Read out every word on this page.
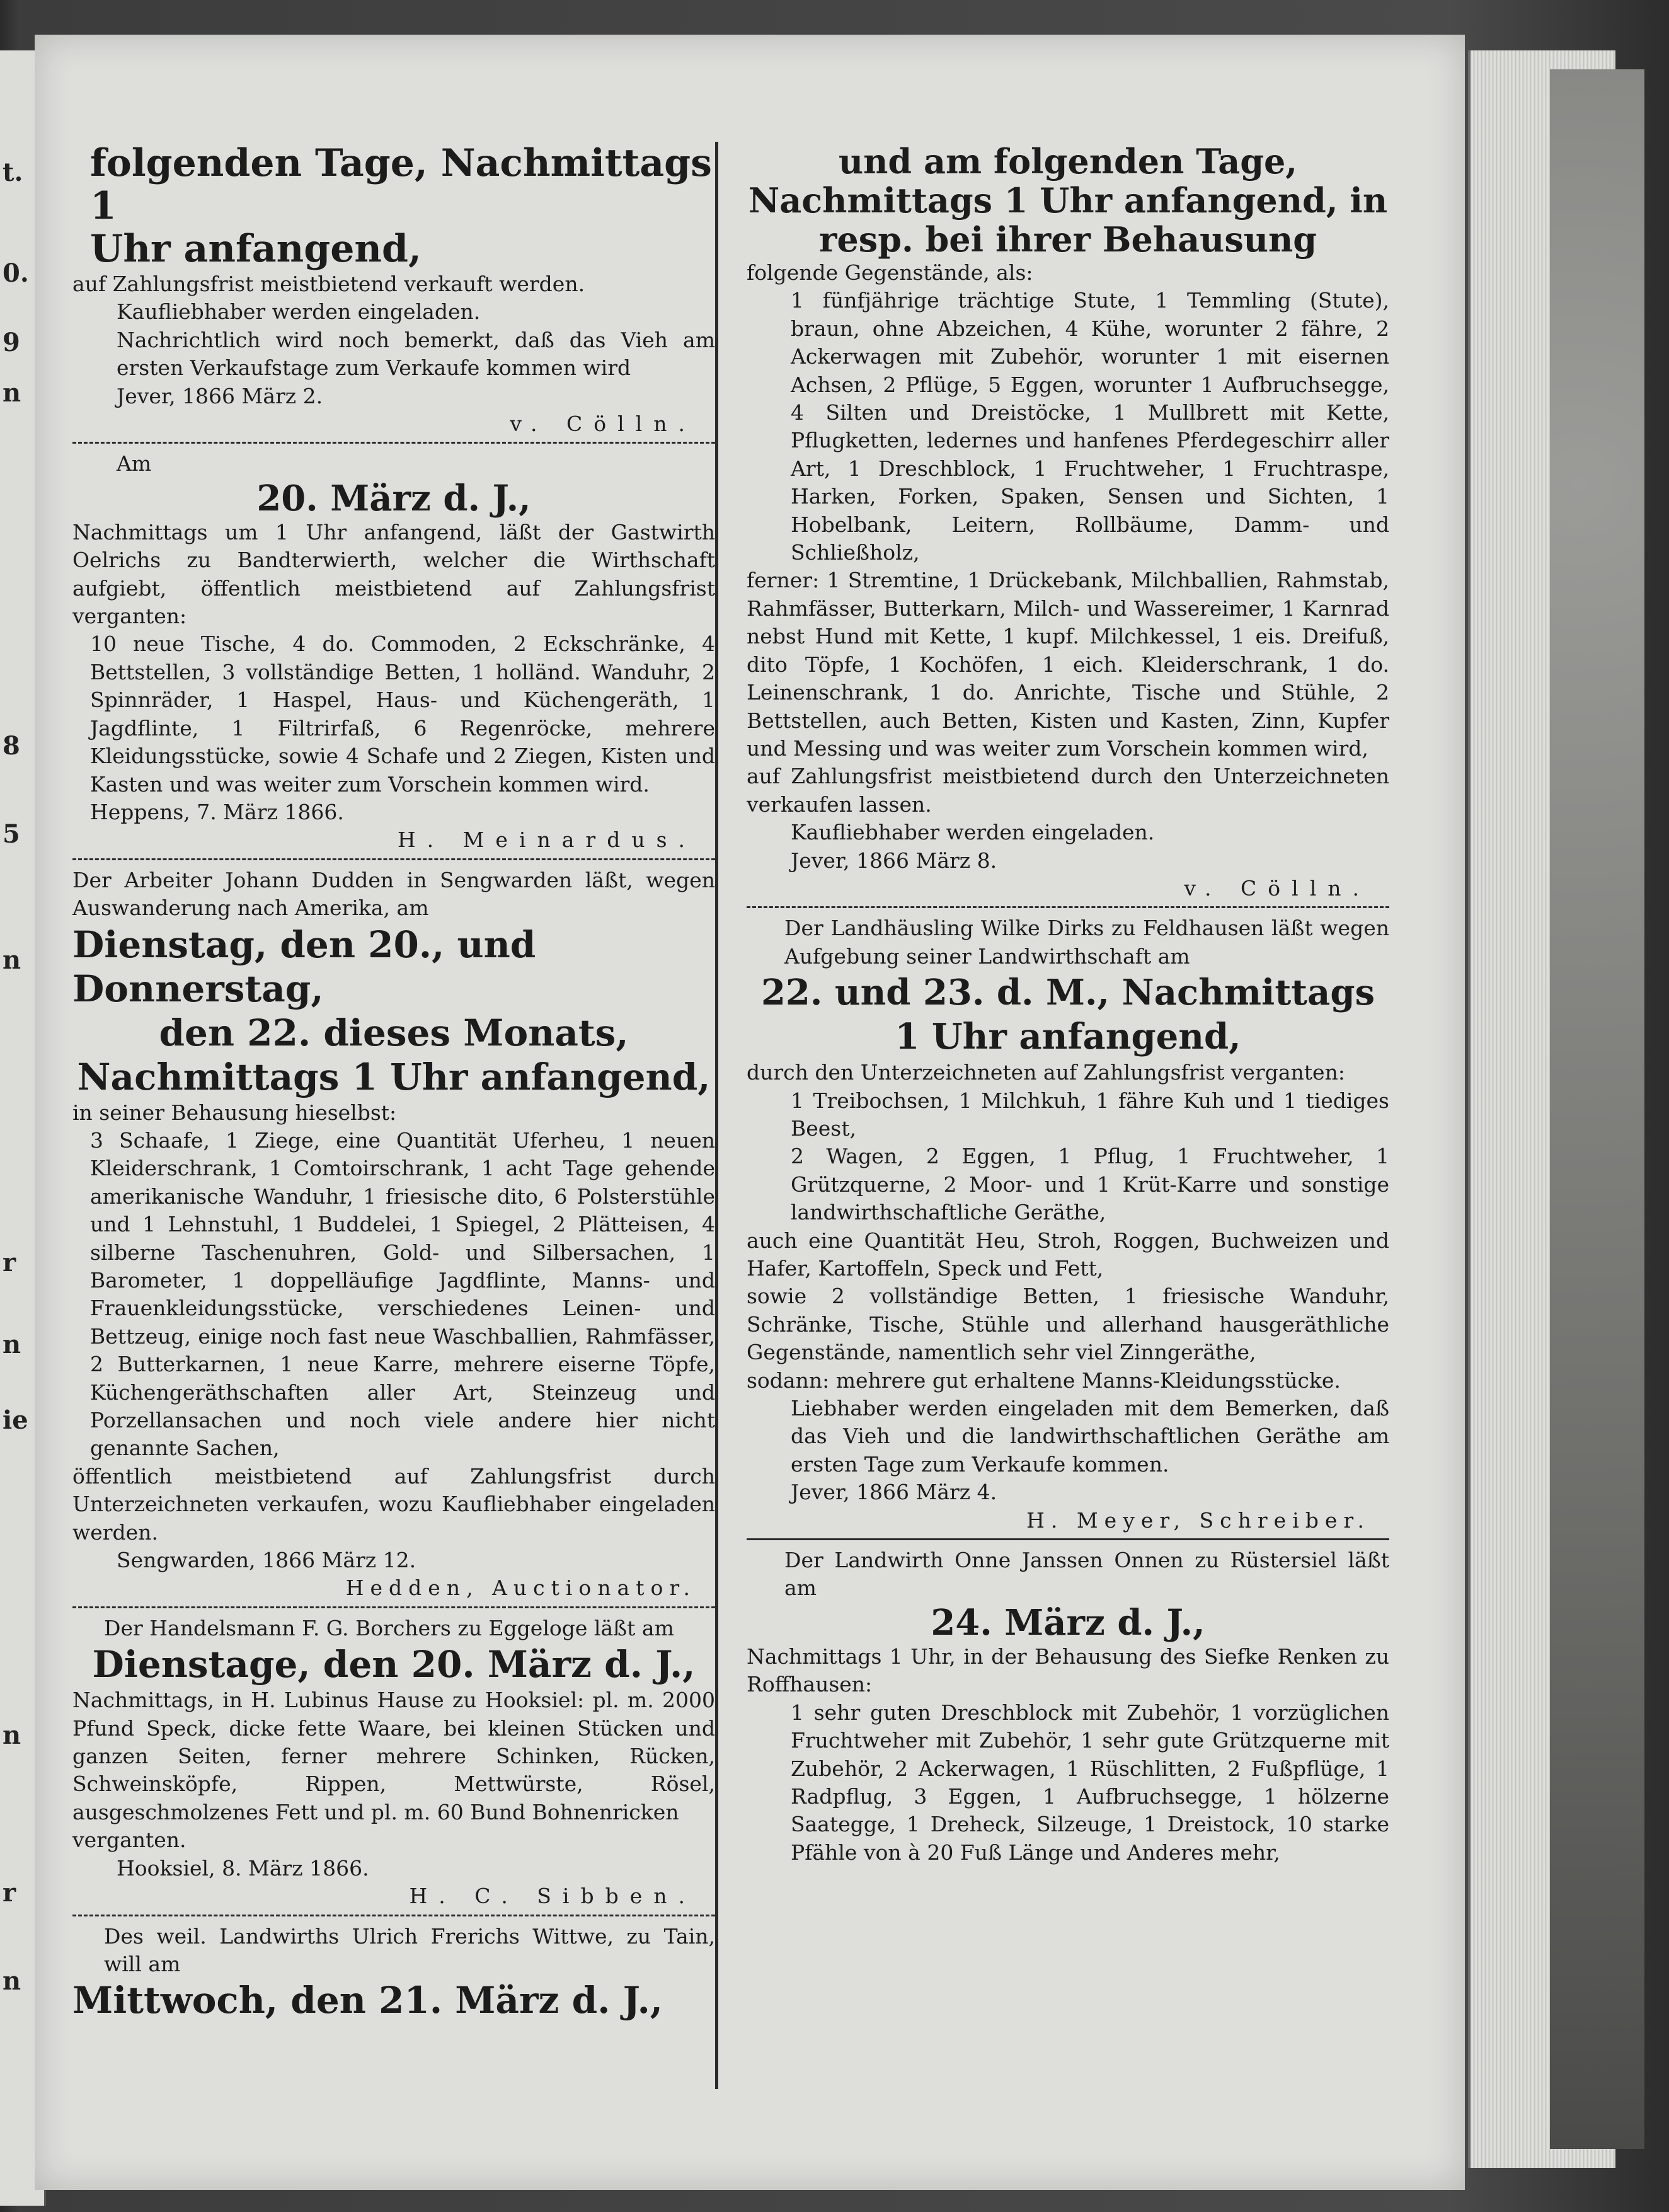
t.
0.
9
n
8
5
n
r
n
ie
n
r
n

folgenden Tage, Nachmittags 1

Uhr anfangend,

auf Zahlungsfrist meistbietend verkauft werden.

Kaufliebhaber werden eingeladen.

Nachrichtlich wird noch bemerkt, daß das Vieh am ersten Verkaufstage zum Verkaufe kommen wird

Jever, 1866 März 2.

v. Cölln.

Am

20. März d. J.,

Nachmittags um 1 Uhr anfangend, läßt der Gastwirth Oelrichs zu Bandterwierth, welcher die Wirthschaft aufgiebt, öffentlich meistbietend auf Zahlungsfrist verganten:

10 neue Tische, 4 do. Commoden, 2 Eckschränke, 4 Bettstellen, 3 vollständige Betten, 1 holländ. Wanduhr, 2 Spinnräder, 1 Haspel, Haus- und Küchengeräth, 1 Jagdflinte, 1 Filtrirfaß, 6 Regenröcke, mehrere Kleidungsstücke, sowie 4 Schafe und 2 Ziegen, Kisten und Kasten und was weiter zum Vorschein kommen wird.

Heppens, 7. März 1866.

H. Meinardus.

Der Arbeiter Johann Dudden in Sengwarden läßt, wegen Auswanderung nach Amerika, am

Dienstag, den 20., und Donnerstag,

den 22. dieses Monats,

Nachmittags 1 Uhr anfangend,

in seiner Behausung hieselbst:

3 Schaafe, 1 Ziege, eine Quantität Uferheu, 1 neuen Kleiderschrank, 1 Comtoirschrank, 1 acht Tage gehende amerikanische Wanduhr, 1 friesische dito, 6 Polsterstühle und 1 Lehnstuhl, 1 Buddelei, 1 Spiegel, 2 Plätteisen, 4 silberne Taschenuhren, Gold- und Silbersachen, 1 Barometer, 1 doppelläufige Jagdflinte, Manns- und Frauenkleidungsstücke, verschiedenes Leinen- und Bettzeug, einige noch fast neue Waschballien, Rahmfässer, 2 Butterkarnen, 1 neue Karre, mehrere eiserne Töpfe, Küchengeräthschaften aller Art, Steinzeug und Porzellansachen und noch viele andere hier nicht genannte Sachen,

öffentlich meistbietend auf Zahlungsfrist durch Unterzeichneten verkaufen, wozu Kaufliebhaber eingeladen werden.

Sengwarden, 1866 März 12.

Hedden, Auctionator.

Der Handelsmann F. G. Borchers zu Eggeloge läßt am

Dienstage, den 20. März d. J.,

Nachmittags, in H. Lubinus Hause zu Hooksiel: pl. m. 2000 Pfund Speck, dicke fette Waare, bei kleinen Stücken und ganzen Seiten, ferner mehrere Schinken, Rücken, Schweinsköpfe, Rippen, Mettwürste, Rösel, ausgeschmolzenes Fett und pl. m. 60 Bund Bohnenricken

verganten.

Hooksiel, 8. März 1866.

H. C. Sibben.

Des weil. Landwirths Ulrich Frerichs Wittwe, zu Tain, will am

Mittwoch, den 21. März d. J.,

und am folgenden Tage, Nachmittags 1 Uhr anfangend, in resp. bei ihrer Behausung

folgende Gegenstände, als:

1 fünfjährige trächtige Stute, 1 Temmling (Stute), braun, ohne Abzeichen, 4 Kühe, worunter 2 fähre, 2 Ackerwagen mit Zubehör, worunter 1 mit eisernen Achsen, 2 Pflüge, 5 Eggen, worunter 1 Aufbruchsegge, 4 Silten und Dreistöcke, 1 Mullbrett mit Kette, Pflugketten, ledernes und hanfenes Pferdegeschirr aller Art, 1 Dreschblock, 1 Fruchtweher, 1 Fruchtraspe, Harken, Forken, Spaken, Sensen und Sichten, 1 Hobelbank, Leitern, Rollbäume, Damm- und Schließholz,

ferner: 1 Stremtine, 1 Drückebank, Milchballien, Rahmstab, Rahmfässer, Butterkarn, Milch- und Wassereimer, 1 Karnrad nebst Hund mit Kette, 1 kupf. Milchkessel, 1 eis. Dreifuß, dito Töpfe, 1 Kochöfen, 1 eich. Kleiderschrank, 1 do. Leinenschrank, 1 do. Anrichte, Tische und Stühle, 2 Bettstellen, auch Betten, Kisten und Kasten, Zinn, Kupfer und Messing und was weiter zum Vorschein kommen wird,

auf Zahlungsfrist meistbietend durch den Unterzeichneten verkaufen lassen.

Kaufliebhaber werden eingeladen.

Jever, 1866 März 8.

v. Cölln.

Der Landhäusling Wilke Dirks zu Feldhausen läßt wegen Aufgebung seiner Landwirthschaft am

22. und 23. d. M., Nachmittags

1 Uhr anfangend,

durch den Unterzeichneten auf Zahlungsfrist verganten:

1 Treibochsen, 1 Milchkuh, 1 fähre Kuh und 1 tiediges Beest,

2 Wagen, 2 Eggen, 1 Pflug, 1 Fruchtweher, 1 Grützquerne, 2 Moor- und 1 Krüt-Karre und sonstige landwirthschaftliche Geräthe,

auch eine Quantität Heu, Stroh, Roggen, Buchweizen und Hafer, Kartoffeln, Speck und Fett,

sowie 2 vollständige Betten, 1 friesische Wanduhr, Schränke, Tische, Stühle und allerhand hausgeräthliche Gegenstände, namentlich sehr viel Zinngeräthe,

sodann: mehrere gut erhaltene Manns-Kleidungsstücke.

Liebhaber werden eingeladen mit dem Bemerken, daß das Vieh und die landwirthschaftlichen Geräthe am ersten Tage zum Verkaufe kommen.

Jever, 1866 März 4.

H. Meyer, Schreiber.

Der Landwirth Onne Janssen Onnen zu Rüstersiel läßt am

24. März d. J.,

Nachmittags 1 Uhr, in der Behausung des Siefke Renken zu Roffhausen:

1 sehr guten Dreschblock mit Zubehör, 1 vorzüglichen Fruchtweher mit Zubehör, 1 sehr gute Grützquerne mit Zubehör, 2 Ackerwagen, 1 Rüschlitten, 2 Fußpflüge, 1 Radpflug, 3 Eggen, 1 Aufbruchsegge, 1 hölzerne Saategge, 1 Dreheck, Silzeuge, 1 Dreistock, 10 starke Pfähle von à 20 Fuß Länge und Anderes mehr,
